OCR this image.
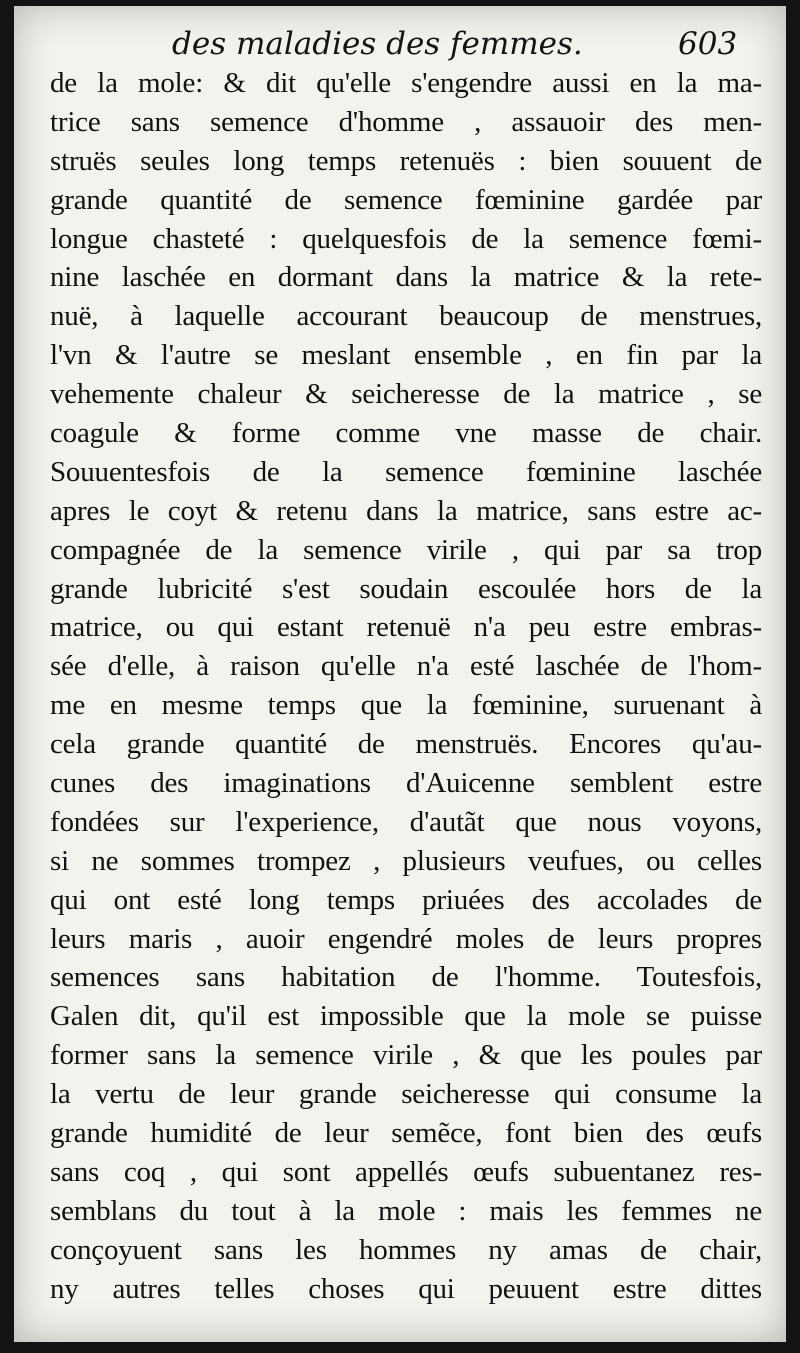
des maladies des femmes.	603
de la mole: & dit qu'elle s'engendre aussi en la ma-
trice sans semence d'homme , assauoir des men-
struës seules long temps retenuës : bien souuent de
grande quantité de semence fœminine gardée par
longue chasteté : quelquesfois de la semence fœmi-
nine laschée en dormant dans la matrice & la rete-
nuë, à laquelle accourant beaucoup de menstrues,
l'vn & l'autre se meslant ensemble , en fin par la
vehemente chaleur & seicheresse de la matrice , se
coagule & forme comme vne masse de chair.
Souuentesfois de la semence fœminine laschée
apres le coyt & retenu dans la matrice, sans estre ac-
compagnée de la semence virile , qui par sa trop
grande lubricité s'est soudain escoulée hors de la
matrice, ou qui estant retenuë n'a peu estre embras-
sée d'elle, à raison qu'elle n'a esté laschée de l'hom-
me en mesme temps que la fœminine, suruenant à
cela grande quantité de menstruës. Encores qu'au-
cunes des imaginations d'Auicenne semblent estre
fondées sur l'experience, d'autãt que nous voyons,
si ne sommes trompez , plusieurs veufues, ou celles
qui ont esté long temps priuées des accolades de
leurs maris , auoir engendré moles de leurs propres
semences sans habitation de l'homme. Toutesfois,
Galen dit, qu'il est impossible que la mole se puisse
former sans la semence virile , & que les poules par
la vertu de leur grande seicheresse qui consume la
grande humidité de leur semẽce, font bien des œufs
sans coq , qui sont appellés œufs subuentanez res-
semblans du tout à la mole : mais les femmes ne
conçoyuent sans les hommes ny amas de chair,
ny autres telles choses qui peuuent estre dittes
